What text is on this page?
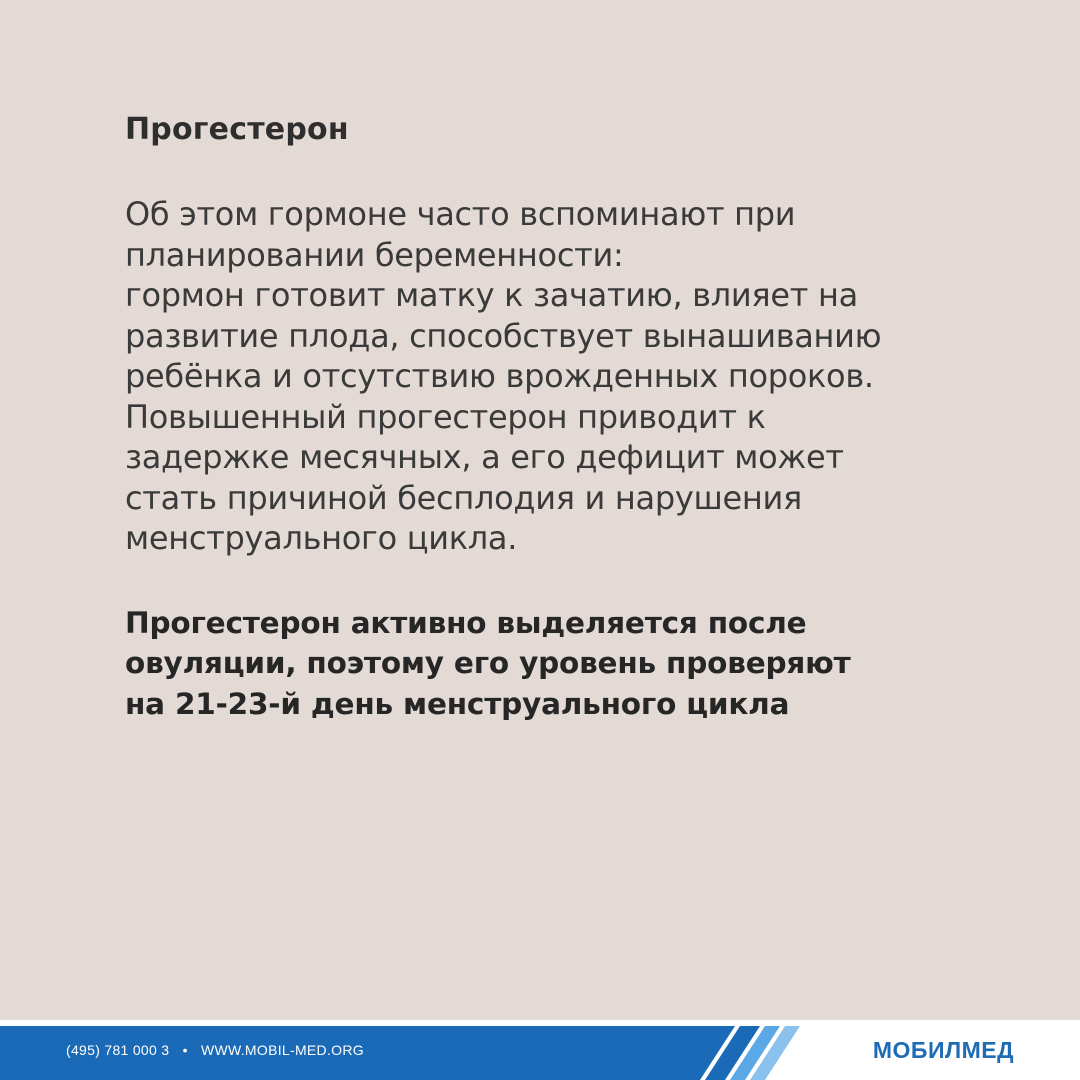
Прогестерон

Об этом гормоне часто вспоминают при
планировании беременности:
гормон готовит матку к зачатию, влияет на
развитие плода, способствует вынашиванию
ребёнка и отсутствию врожденных пороков.
Повышенный прогестерон приводит к
задержке месячных, а его дефицит может
стать причиной бесплодия и нарушения
менструального цикла.

Прогестерон активно выделяется после
овуляции, поэтому его уровень проверяют
на 21-23-й день менструального цикла

(495) 781 000 3 • WWW.MOBIL-MED.ORG	МОБИЛМЕД
